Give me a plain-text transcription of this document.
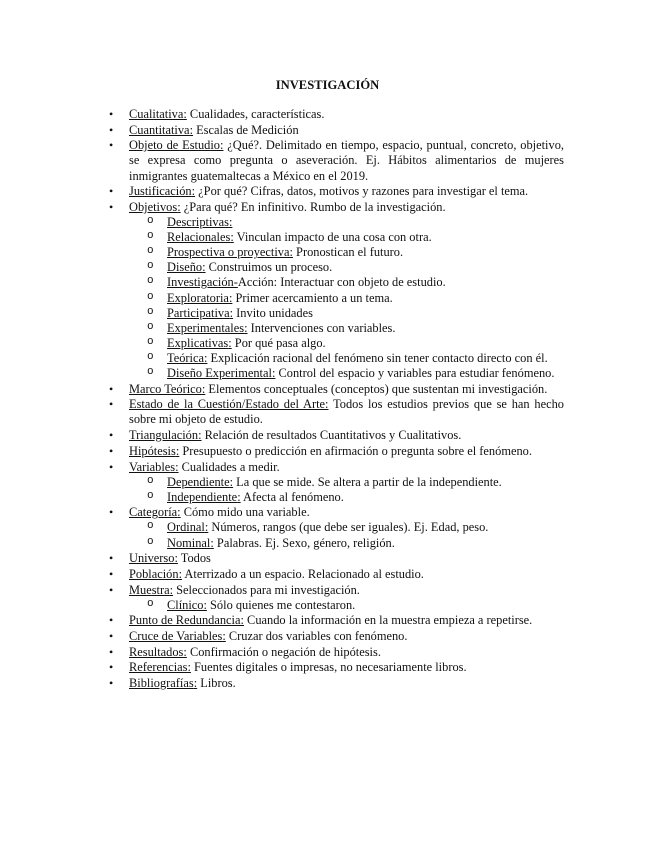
INVESTIGACIÓN
• Cualitativa: Cualidades, características.
• Cuantitativa: Escalas de Medición
• Objeto de Estudio: ¿Qué?. Delimitado en tiempo, espacio, puntual, concreto, objetivo, se expresa como pregunta o aseveración. Ej. Hábitos alimentarios de mujeres inmigrantes guatemaltecas a México en el 2019.
• Justificación: ¿Por qué? Cifras, datos, motivos y razones para investigar el tema.
• Objetivos: ¿Para qué? En infinitivo. Rumbo de la investigación.
o Descriptivas:
o Relacionales: Vinculan impacto de una cosa con otra.
o Prospectiva o proyectiva: Pronostican el futuro.
o Diseño: Construimos un proceso.
o Investigación-Acción: Interactuar con objeto de estudio.
o Exploratoria: Primer acercamiento a un tema.
o Participativa: Invito unidades
o Experimentales: Intervenciones con variables.
o Explicativas: Por qué pasa algo.
o Teórica: Explicación racional del fenómeno sin tener contacto directo con él.
o Diseño Experimental: Control del espacio y variables para estudiar fenómeno.
• Marco Teórico: Elementos conceptuales (conceptos) que sustentan mi investigación.
• Estado de la Cuestión/Estado del Arte: Todos los estudios previos que se han hecho sobre mi objeto de estudio.
• Triangulación: Relación de resultados Cuantitativos y Cualitativos.
• Hipótesis: Presupuesto o predicción en afirmación o pregunta sobre el fenómeno.
• Variables: Cualidades a medir.
o Dependiente: La que se mide. Se altera a partir de la independiente.
o Independiente: Afecta al fenómeno.
• Categoría: Cómo mido una variable.
o Ordinal: Números, rangos (que debe ser iguales). Ej. Edad, peso.
o Nominal: Palabras. Ej. Sexo, género, religión.
• Universo: Todos
• Población: Aterrizado a un espacio. Relacionado al estudio.
• Muestra: Seleccionados para mi investigación.
o Clínico: Sólo quienes me contestaron.
• Punto de Redundancia: Cuando la información en la muestra empieza a repetirse.
• Cruce de Variables: Cruzar dos variables con fenómeno.
• Resultados: Confirmación o negación de hipótesis.
• Referencias: Fuentes digitales o impresas, no necesariamente libros.
• Bibliografías: Libros.
